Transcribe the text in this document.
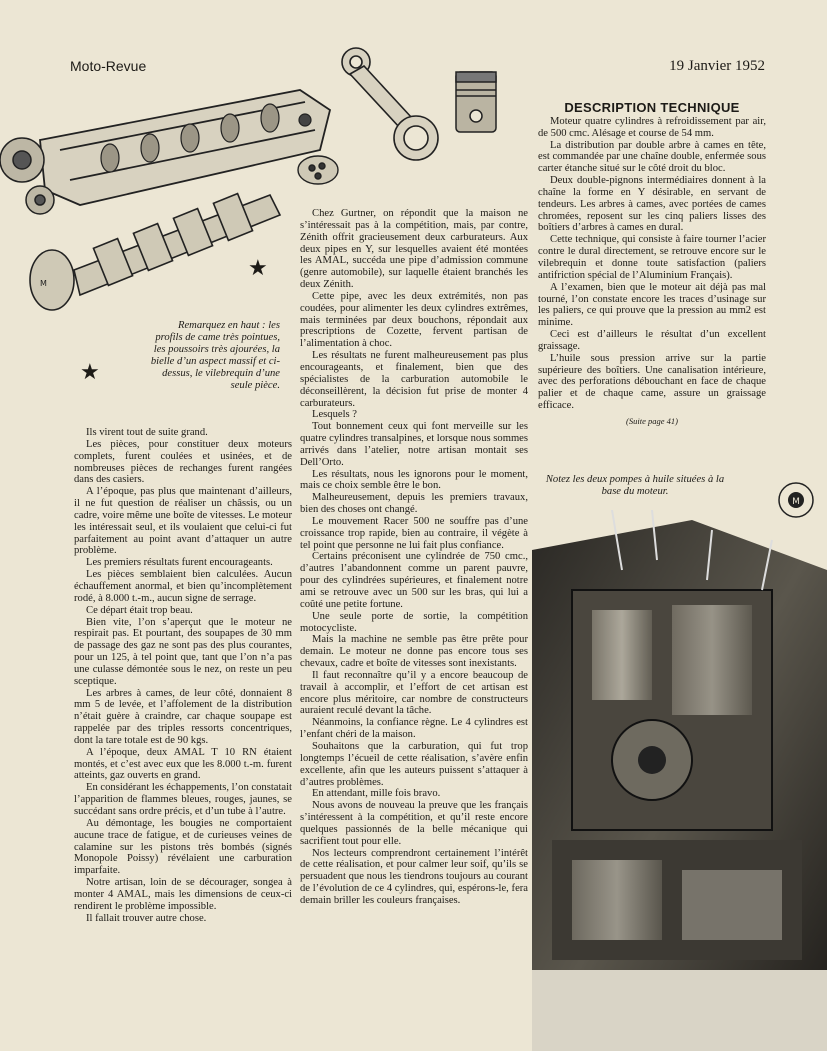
Moto-Revue	19 Janvier 1952
M
★
★
Remarquez en haut : les profils de came très pointues, les poussoirs très ajourées, la bielle d’un aspect massif et ci-dessus, le vilebrequin d’une seule pièce.

Ils virent tout de suite grand.

Les pièces, pour constituer deux moteurs complets, furent coulées et usinées, et de nombreuses pièces de rechanges furent rangées dans des casiers.

A l’époque, pas plus que maintenant d’ailleurs, il ne fut question de réaliser un châssis, ou un cadre, voire même une boîte de vitesses. Le moteur les intéressait seul, et ils voulaient que celui-ci fut parfaitement au point avant d’attaquer un autre problème.

Les premiers résultats furent encourageants.

Les pièces semblaient bien calculées. Aucun échauffement anormal, et bien qu’incomplètement rodé, à 8.000 t.-m., aucun signe de serrage.

Ce départ était trop beau.

Bien vite, l’on s’aperçut que le moteur ne respirait pas. Et pourtant, des soupapes de 30 mm de passage des gaz ne sont pas des plus courantes, pour un 125, à tel point que, tant que l’on n’a pas une culasse démontée sous le nez, on reste un peu sceptique.

Les arbres à cames, de leur côté, donnaient 8 mm 5 de levée, et l’affolement de la distribution n’était guère à craindre, car chaque soupape est rappelée par des triples ressorts concentriques, dont la tare totale est de 90 kgs.

A l’époque, deux AMAL T 10 RN étaient montés, et c’est avec eux que les 8.000 t.-m. furent atteints, gaz ouverts en grand.

En considérant les échappements, l’on constatait l’apparition de flammes bleues, rouges, jaunes, se succédant sans ordre précis, et d’un tube à l’autre.

Au démontage, les bougies ne comportaient aucune trace de fatigue, et de curieuses veines de calamine sur les pistons très bombés (signés Monopole Poissy) révélaient une carburation imparfaite.

Notre artisan, loin de se décourager, songea à monter 4 AMAL, mais les dimensions de ceux-ci rendirent le problème impossible.

Il fallait trouver autre chose.

Chez Gurtner, on répondit que la maison ne s’intéressait pas à la compétition, mais, par contre, Zénith offrit gracieusement deux carburateurs. Aux deux pipes en Y, sur lesquelles avaient été montées les AMAL, succéda une pipe d’admission commune (genre automobile), sur laquelle étaient branchés les deux Zénith.

Cette pipe, avec les deux extrémités, non pas coudées, pour alimenter les deux cylindres extrêmes, mais terminées par deux bouchons, répondait aux prescriptions de Cozette, fervent partisan de l’alimentation à choc.

Les résultats ne furent malheureusement pas plus encourageants, et finalement, bien que des spécialistes de la carburation automobile le déconseillèrent, la décision fut prise de monter 4 carburateurs.

Lesquels ?

Tout bonnement ceux qui font merveille sur les quatre cylindres transalpines, et lorsque nous sommes arrivés dans l’atelier, notre artisan montait ses Dell’Orto.

Les résultats, nous les ignorons pour le moment, mais ce choix semble être le bon.

Malheureusement, depuis les premiers travaux, bien des choses ont changé.

Le mouvement Racer 500 ne souffre pas d’une croissance trop rapide, bien au contraire, il végète à tel point que personne ne lui fait plus confiance.

Certains préconisent une cylindrée de 750 cmc., d’autres l’abandonnent comme un parent pauvre, pour des cylindrées supérieures, et finalement notre ami se retrouve avec un 500 sur les bras, qui lui a coûté une petite fortune.

Une seule porte de sortie, la compétition motocycliste.

Mais la machine ne semble pas être prête pour demain. Le moteur ne donne pas encore tous ses chevaux, cadre et boîte de vitesses sont inexistants.

Il faut reconnaître qu’il y a encore beaucoup de travail à accomplir, et l’effort de cet artisan est encore plus méritoire, car nombre de constructeurs auraient reculé devant la tâche.

Néanmoins, la confiance règne. Le 4 cylindres est l’enfant chéri de la maison.

Souhaitons que la carburation, qui fut trop longtemps l’écueil de cette réalisation, s’avère enfin excellente, afin que les auteurs puissent s’attaquer à d’autres problèmes.

En attendant, mille fois bravo.

Nous avons de nouveau la preuve que les français s’intéressent à la compétition, et qu’il reste encore quelques passionnés de la belle mécanique qui sacrifient tout pour elle.

Nos lecteurs comprendront certainement l’intérêt de cette réalisation, et pour calmer leur soif, qu’ils se persuadent que nous les tiendrons toujours au courant de l’évolution de ce 4 cylindres, qui, espérons-le, fera demain briller les couleurs françaises.

DESCRIPTION TECHNIQUE

Moteur quatre cylindres à refroidissement par air, de 500 cmc. Alésage et course de 54 mm.

La distribution par double arbre à cames en tête, est commandée par une chaîne double, enfermée sous carter étanche situé sur le côté droit du bloc.

Deux double-pignons intermédiaires donnent à la chaîne la forme en Y désirable, en servant de tendeurs. Les arbres à cames, avec portées de cames chromées, reposent sur les cinq paliers lisses des boîtiers d’arbres à cames en dural.

Cette technique, qui consiste à faire tourner l’acier contre le dural directement, se retrouve encore sur le vilebrequin et donne toute satisfaction (paliers antifriction spécial de l’Aluminium Français).

A l’examen, bien que le moteur ait déjà pas mal tourné, l’on constate encore les traces d’usinage sur les paliers, ce qui prouve que la pression au mm2 est minime.

Ceci est d’ailleurs le résultat d’un excellent graissage.

L’huile sous pression arrive sur la partie supérieure des boîtiers. Une canalisation intérieure, avec des perforations débouchant en face de chaque palier et de chaque came, assure un graissage efficace.

(Suite page 41)
Notez les deux pompes à huile situées à la base du moteur.
M
